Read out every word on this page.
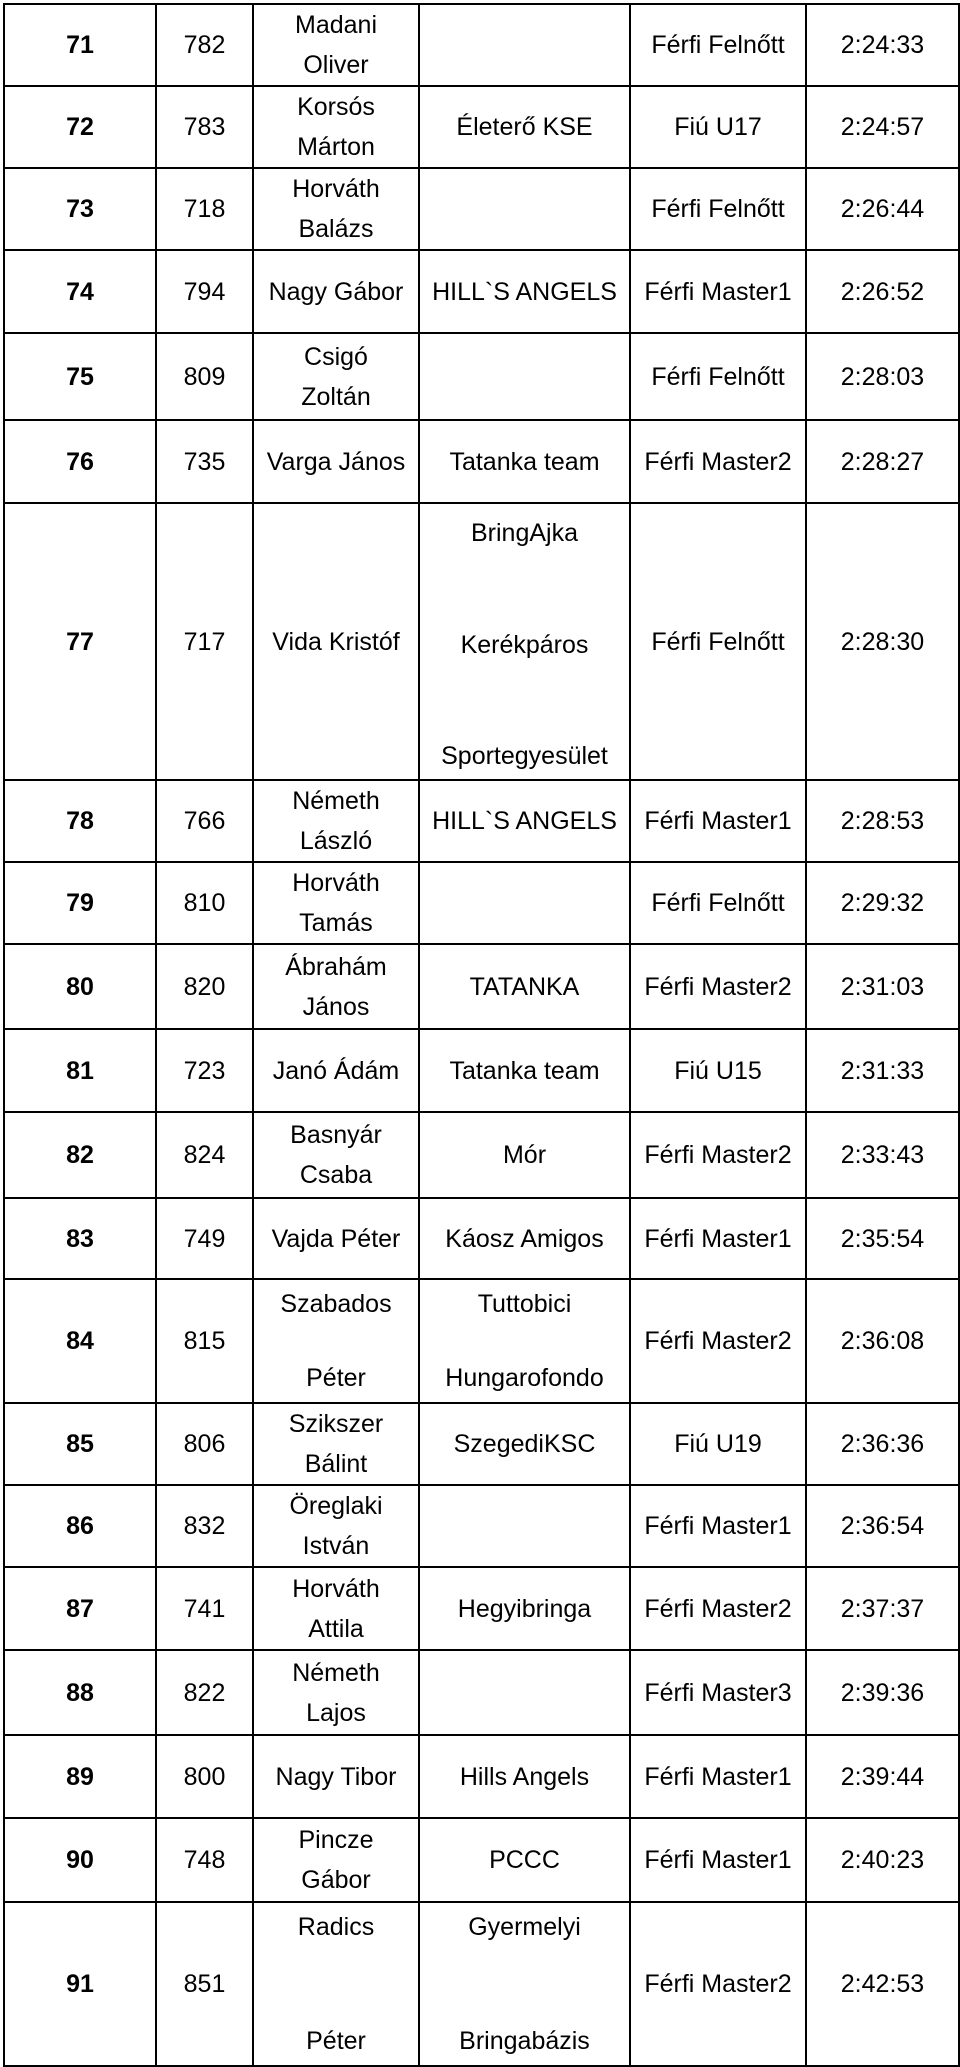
71	782	Madani
Oliver		Férfi Felnőtt	2:24:33
72	783	Korsós
Márton	Életerő KSE	Fiú U17	2:24:57
73	718	Horváth
Balázs		Férfi Felnőtt	2:26:44
74	794	Nagy Gábor	HILL`S ANGELS	Férfi Master1	2:26:52
75	809	Csigó
Zoltán		Férfi Felnőtt	2:28:03
76	735	Varga János	Tatanka team	Férfi Master2	2:28:27
77	717	Vida Kristóf	BringAjka
Kerékpáros
Sportegyesület	Férfi Felnőtt	2:28:30
78	766	Németh
László	HILL`S ANGELS	Férfi Master1	2:28:53
79	810	Horváth
Tamás		Férfi Felnőtt	2:29:32
80	820	Ábrahám
János	TATANKA	Férfi Master2	2:31:03
81	723	Janó Ádám	Tatanka team	Fiú U15	2:31:33
82	824	Basnyár
Csaba	Mór	Férfi Master2	2:33:43
83	749	Vajda Péter	Káosz Amigos	Férfi Master1	2:35:54
84	815	Szabados
Péter	Tuttobici
Hungarofondo	Férfi Master2	2:36:08
85	806	Szikszer
Bálint	SzegediKSC	Fiú U19	2:36:36
86	832	Öreglaki
István		Férfi Master1	2:36:54
87	741	Horváth
Attila	Hegyibringa	Férfi Master2	2:37:37
88	822	Németh
Lajos		Férfi Master3	2:39:36
89	800	Nagy Tibor	Hills Angels	Férfi Master1	2:39:44
90	748	Pincze
Gábor	PCCC	Férfi Master1	2:40:23
91	851	Radics
Péter	Gyermelyi
Bringabázis	Férfi Master2	2:42:53
